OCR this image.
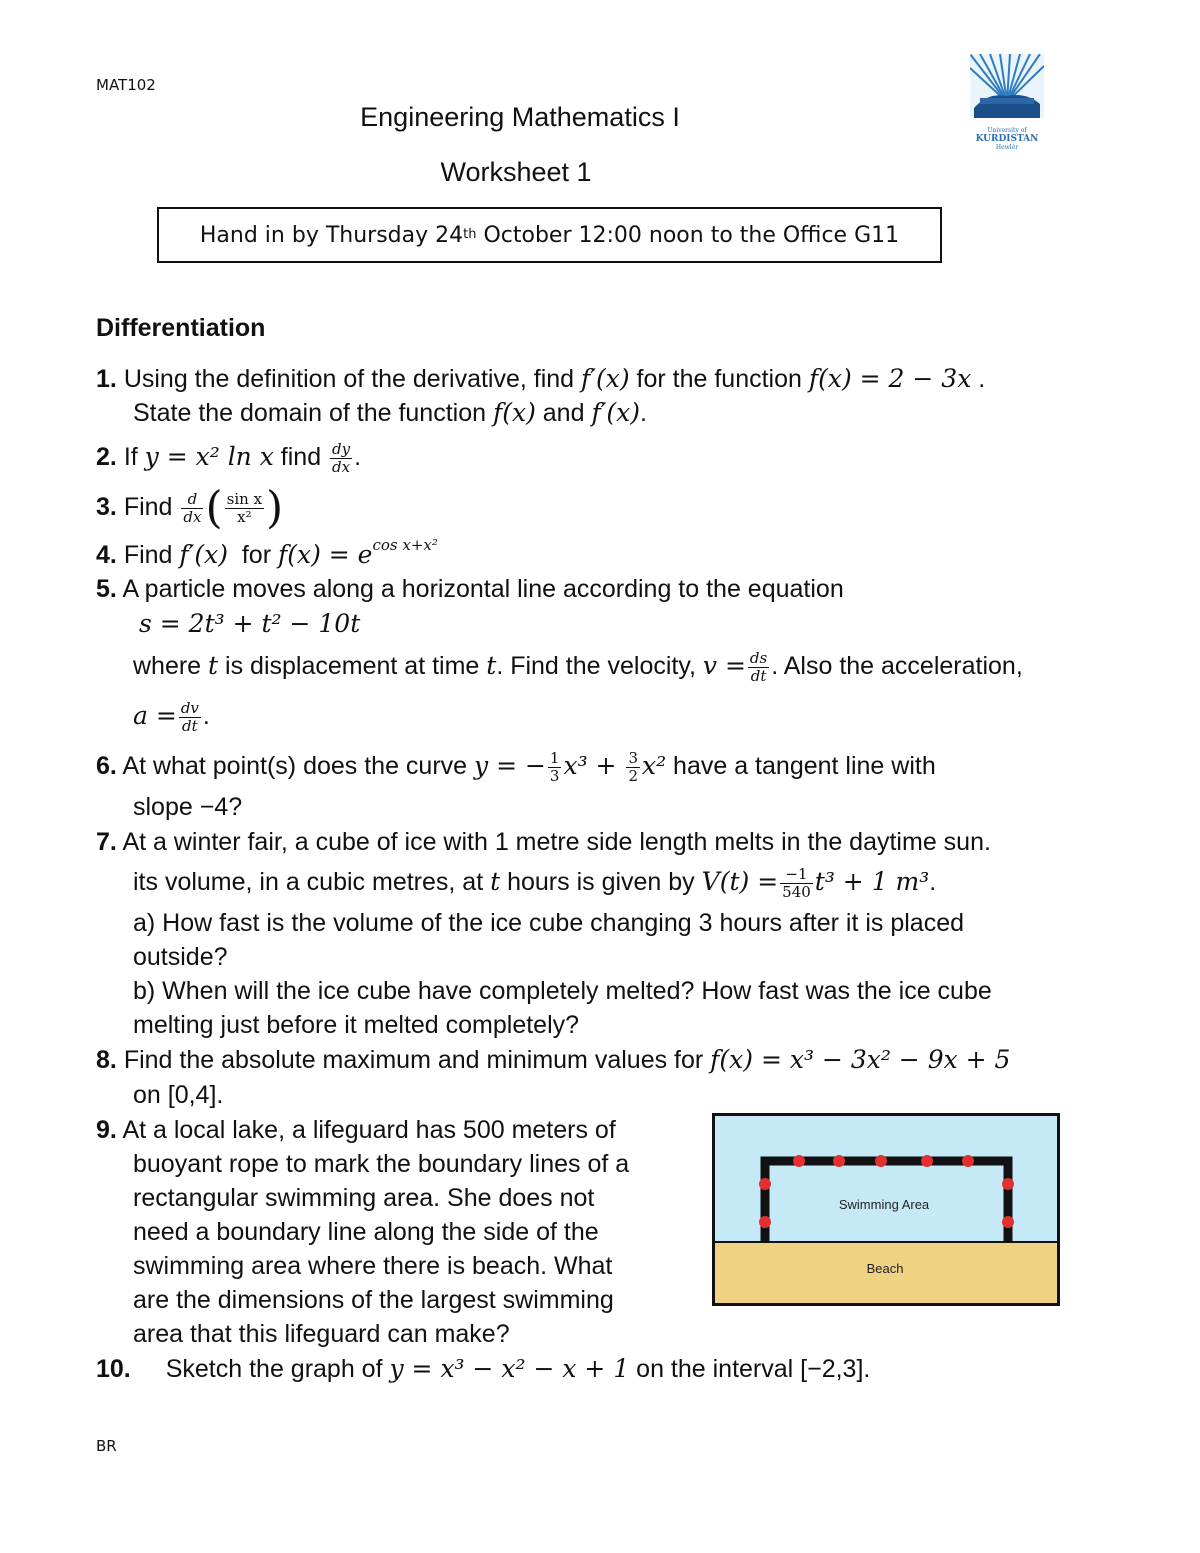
MAT102
Engineering Mathematics I
Worksheet 1
University of
KURDISTAN
Hewlêr
Hand in by Thursday 24 th October 12:00 noon to the Office G11
Differentiation
1. Using the definition of the derivative, find f′(x) for the function f(x) = 2 − 3x .
State the domain of the function f(x) and f′(x).
2. If y = x² ln x find $\frac{dy}{dx}$ .
3. Find $\frac{d}{dx}$ ( $\frac{\text{sin x}}{\text{x²}}$ )
4. Find f′(x)  for $f(x) = e^{cos x+x^2}$
5. A particle moves along a horizontal line according to the equation
s = 2t³ + t² − 10t
where t is displacement at time t. Find the velocity, $v = \frac{ds}{dt}$ . Also the acceleration,
$a = \frac{dv}{dt}$ .
6. At what point(s) does the curve y = − $\frac{1}{3} x^3 + \frac{3}{2} x^2$ have a tangent line with
slope −4?
7. At a winter fair, a cube of ice with 1 metre side length melts in the daytime sun.
its volume, in a cubic metres, at t hours is given by $V(t) = \frac{-1}{540} t^3 + 1$ m³.
a) How fast is the volume of the ice cube changing 3 hours after it is placed
outside?
b) When will the ice cube have completely melted? How fast was the ice cube
melting just before it melted completely?
8. Find the absolute maximum and minimum values for f(x) = x³ − 3x² − 9x + 5
on [0,4].
9. At a local lake, a lifeguard has 500 meters of
buoyant rope to mark the boundary lines of a
rectangular swimming area. She does not
need a boundary line along the side of the
swimming area where there is beach. What
are the dimensions of the largest swimming
area that this lifeguard can make?
Swimming Area
Beach
10. Sketch the graph of y = x³ − x² − x + 1 on the interval [−2,3].
BR
